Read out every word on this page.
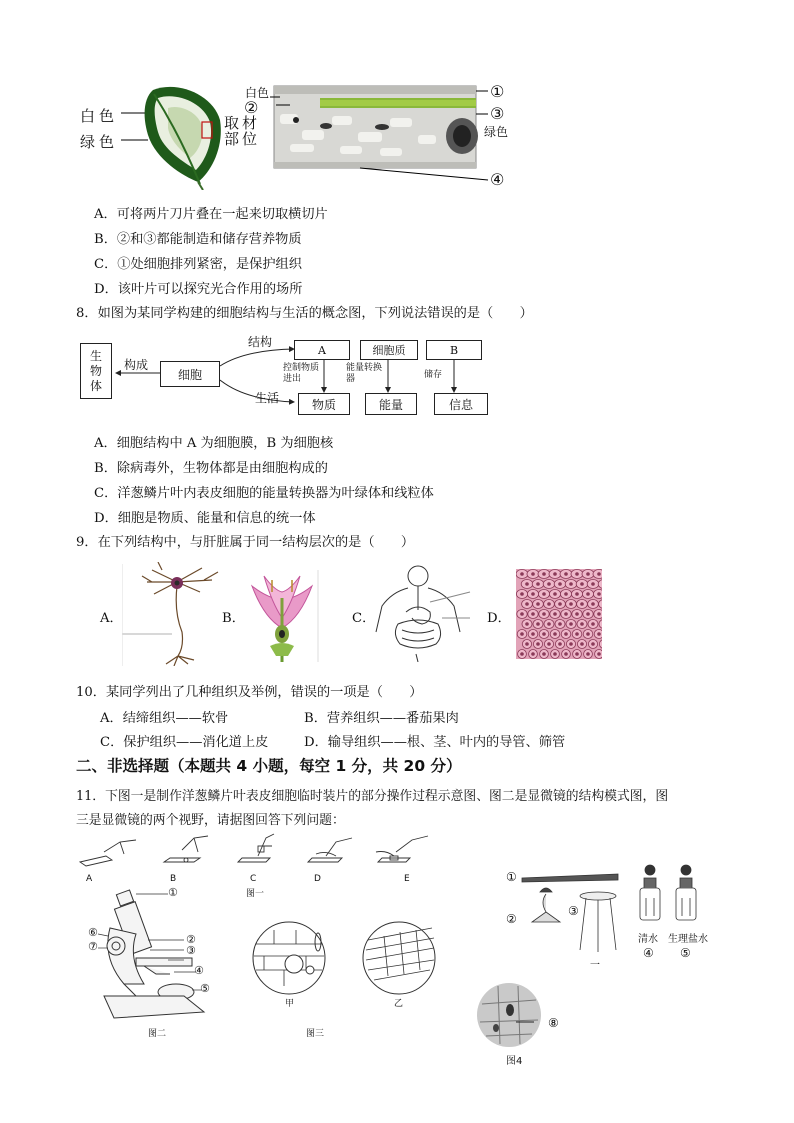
白色
绿色
取材
部位
白色
②
①
③
绿色
④
A．可将两片刀片叠在一起来切取横切片
B．②和③都能制造和储存营养物质
C．①处细胞排列紧密，是保护组织
D．该叶片可以探究光合作用的场所
8．如图为某同学构建的细胞结构与生活的概念图，下列说法错误的是（　　）
生物体
构成
细胞
结构
生活
A	细胞质	B
控制物质进出
能量转换器	储存
物质	能量	信息
A．细胞结构中 A 为细胞膜，B 为细胞核
B．除病毒外，生物体都是由细胞构成的
C．洋葱鳞片叶内表皮细胞的能量转换器为叶绿体和线粒体
D．细胞是物质、能量和信息的统一体
9．在下列结构中，与肝脏属于同一结构层次的是（　　）
A．	B．	C．	D．
10．某同学列出了几种组织及举例，错误的一项是（　　）
A．结缔组织——软骨	B．营养组织——番茄果肉
C．保护组织——消化道上皮	D．输导组织——根、茎、叶内的导管、筛管
二、非选择题（本题共 4 小题，每空 1 分，共 20 分）
11．下图一是制作洋葱鳞片叶表皮细胞临时装片的部分操作过程示意图、图二是显微镜的结构模式图，图
三是显微镜的两个视野，请据图回答下列问题：
A	B	C	D	E
图一
①
②
③
④
⑤
⑥
⑦
图二
甲	乙
图三
①
②
③
清水 生理盐水
一
④ ⑤
⑧
图4
